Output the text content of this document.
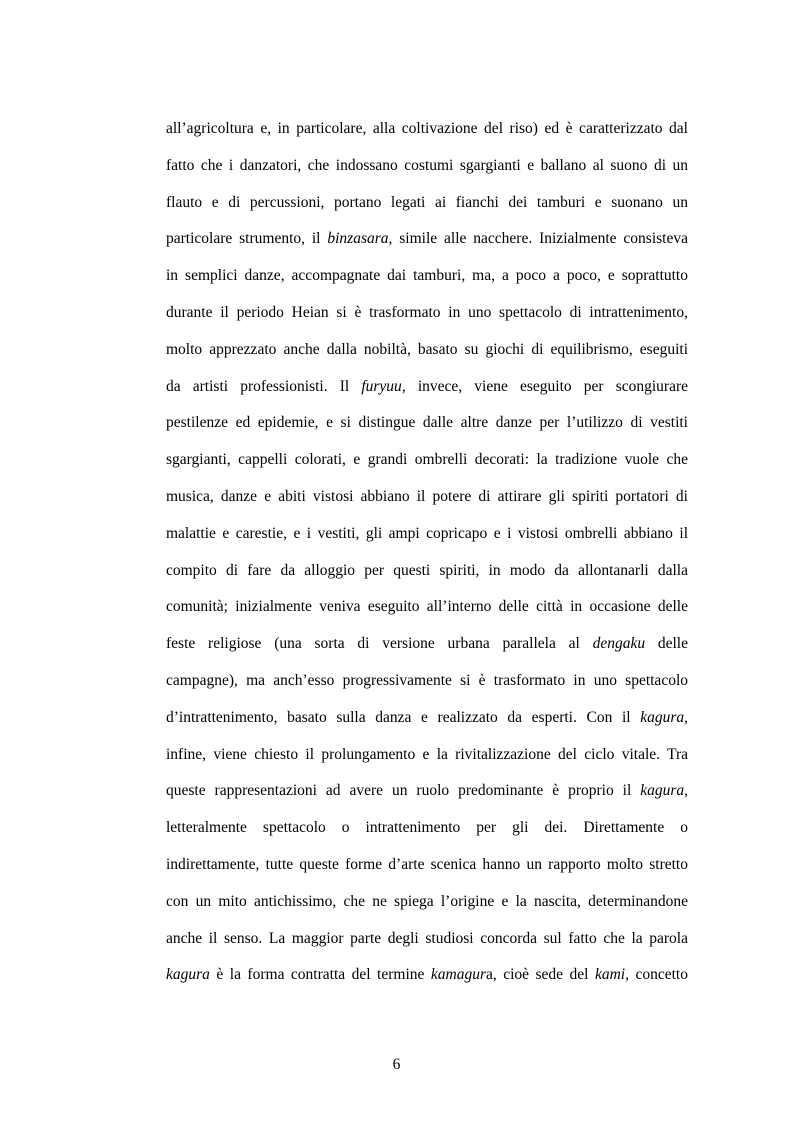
all’agricoltura e, in particolare, alla coltivazione del riso) ed è caratterizzato dal
fatto che i danzatori, che indossano costumi sgargianti e ballano al suono di un
flauto e di percussioni, portano legati ai fianchi dei tamburi e suonano un
particolare strumento, il binzasara, simile alle nacchere. Inizialmente consisteva
in semplici danze, accompagnate dai tamburi, ma, a poco a poco, e soprattutto
durante il periodo Heian si è trasformato in uno spettacolo di intrattenimento,
molto apprezzato anche dalla nobiltà, basato su giochi di equilibrismo, eseguiti
da artisti professionisti. Il furyuu, invece, viene eseguito per scongiurare
pestilenze ed epidemie, e si distingue dalle altre danze per l’utilizzo di vestiti
sgargianti, cappelli colorati, e grandi ombrelli decorati: la tradizione vuole che
musica, danze e abiti vistosi abbiano il potere di attirare gli spiriti portatori di
malattie e carestie, e i vestiti, gli ampi copricapo e i vistosi ombrelli abbiano il
compito di fare da alloggio per questi spiriti, in modo da allontanarli dalla
comunità; inizialmente veniva eseguito all’interno delle città in occasione delle
feste religiose (una sorta di versione urbana parallela al dengaku delle
campagne), ma anch’esso progressivamente si è trasformato in uno spettacolo
d’intrattenimento, basato sulla danza e realizzato da esperti. Con il kagura,
infine, viene chiesto il prolungamento e la rivitalizzazione del ciclo vitale. Tra
queste rappresentazioni ad avere un ruolo predominante è proprio il kagura,
letteralmente spettacolo o intrattenimento per gli dei. Direttamente o
indirettamente, tutte queste forme d’arte scenica hanno un rapporto molto stretto
con un mito antichissimo, che ne spiega l’origine e la nascita, determinandone
anche il senso. La maggior parte degli studiosi concorda sul fatto che la parola
kagura è la forma contratta del termine kamagura, cioè sede del kami, concetto

6
